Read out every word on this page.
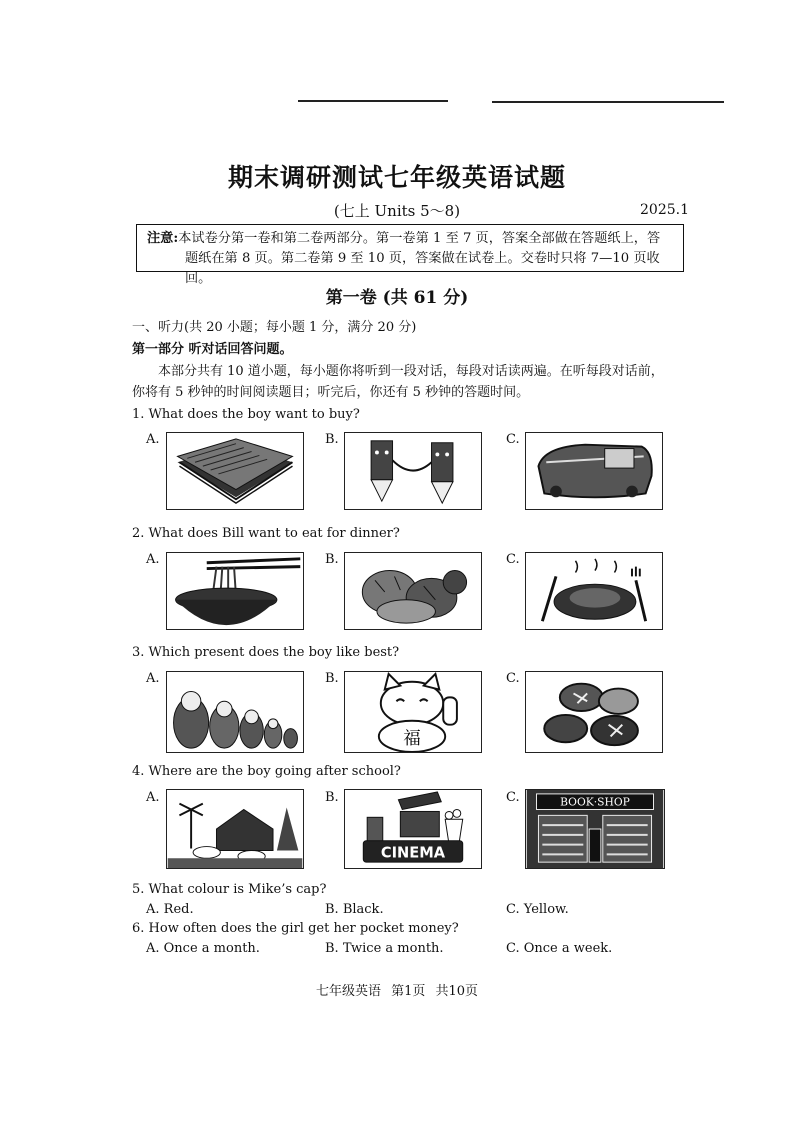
期末调研测试七年级英语试题
(七上 Units 5～8)	2025.1
注意:本试卷分第一卷和第二卷两部分。第一卷第 1 至 7 页，答案全部做在答题纸上，答
题纸在第 8 页。第二卷第 9 至 10 页，答案做在试卷上。交卷时只将 7—10 页收回。
第一卷 (共 61 分)
一、听力(共 20 小题；每小题 1 分，满分 20 分)
第一部分 听对话回答问题。
本部分共有 10 道小题，每小题你将听到一段对话，每段对话读两遍。在听每段对话前，
你将有 5 秒钟的时间阅读题目；听完后，你还有 5 秒钟的答题时间。
1. What does the boy want to buy?
A.	B.	C.
2. What does Bill want to eat for dinner?
A.	B.	C.
3. Which present does the boy like best?
A.	B.	C.
福
4. Where are the boy going after school?
A.	B.	C.
CINEMA
BOOK·SHOP
5. What colour is Mike’s cap?
A. Red.	B. Black.	C. Yellow.
6. How often does the girl get her pocket money?
A. Once a month.	B. Twice a month.	C. Once a week.
七年级英语 第1页 共10页
